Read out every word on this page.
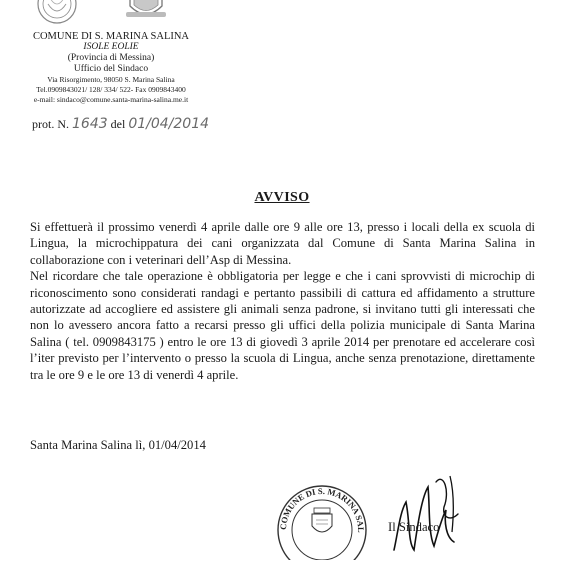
COMUNE DI S. MARINA SALINA
ISOLE EOLIE
(Provincia di Messina)
Ufficio del Sindaco
Via Risorgimento, 98050 S. Marina Salina
Tel.0909843021/ 128/ 334/ 522- Fax 0909843400
e-mail: sindaco@comune.santa-marina-salina.me.it
prot. N. 1643 del 01/04/2014
AVVISO

Si effettuerà il prossimo venerdì 4 aprile dalle ore 9 alle ore 13, presso i locali della ex scuola di Lingua, la microchippatura dei cani organizzata dal Comune di Santa Marina Salina in collaborazione con i veterinari dell’Asp di Messina.

Nel ricordare che tale operazione è obbligatoria per legge e che i cani sprovvisti di microchip di riconoscimento sono considerati randagi e pertanto passibili di cattura ed affidamento a strutture autorizzate ad accogliere ed assistere gli animali senza padrone, si invitano tutti gli interessati che non lo avessero ancora fatto a recarsi presso gli uffici della polizia municipale di Santa Marina Salina ( tel. 0909843175 ) entro le ore 13 di giovedì 3 aprile 2014 per prenotare ed accelerare così l’iter previsto per l’intervento o presso la scuola di Lingua, anche senza prenotazione, direttamente tra le ore 9 e le ore 13 di venerdì 4 aprile.

Santa Marina Salina lì, 01/04/2014
COMUNE DI S. MARINA SAL Il Sindaco
